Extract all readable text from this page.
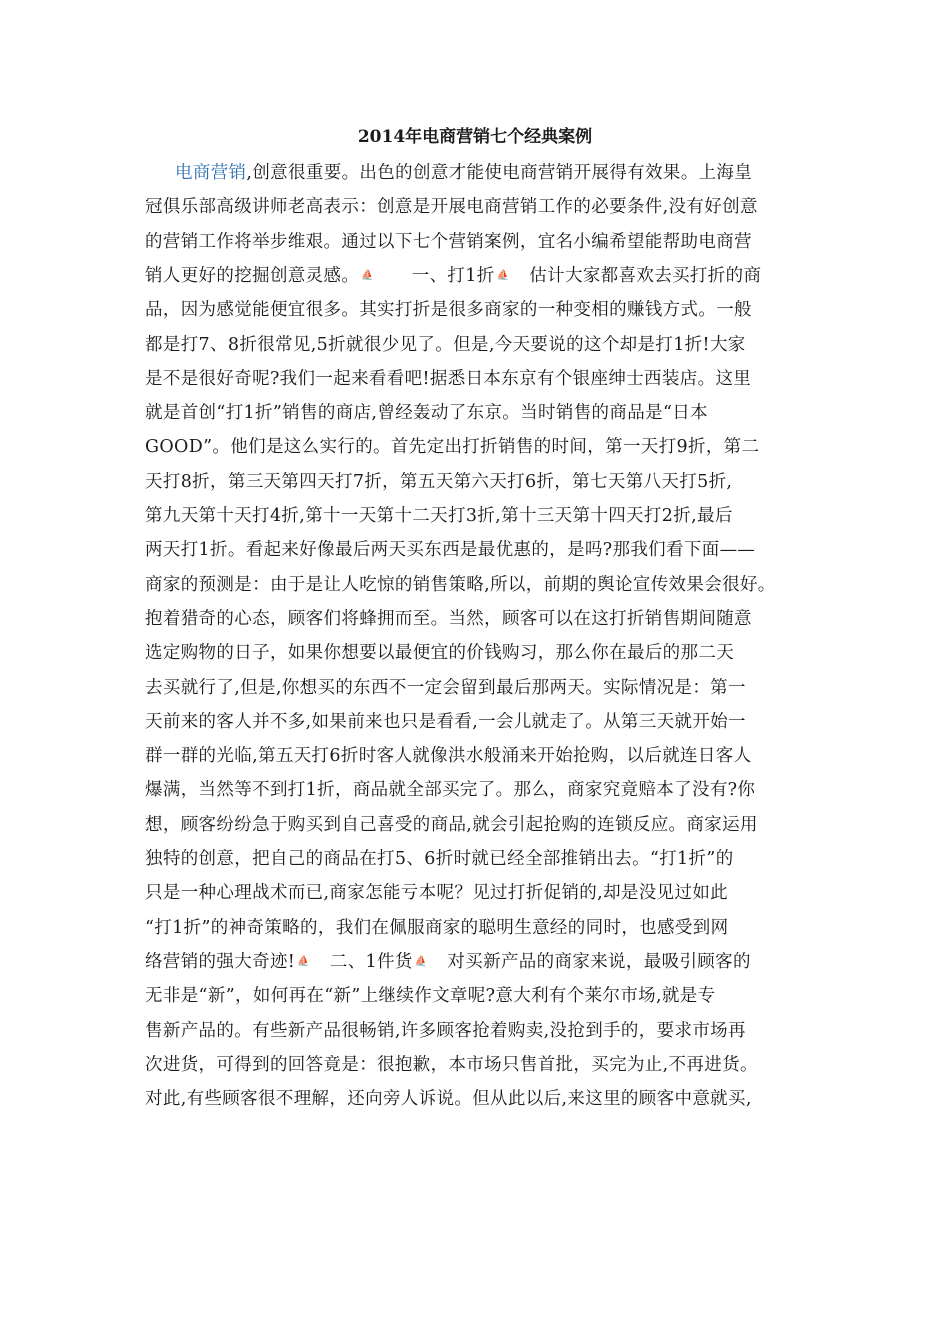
2014年电商营销七个经典案例
电商营销,创意很重要。出色的创意才能使电商营销开展得有效果。上海皇
冠俱乐部高级讲师老高表示：创意是开展电商营销工作的必要条件,没有好创意
的营销工作将举步维艰。通过以下七个营销案例，宜名小编希望能帮助电商营
销人更好的挖掘创意灵感。 ⛵　　一、打1折 ⛵　估计大家都喜欢去买打折的商
品，因为感觉能便宜很多。其实打折是很多商家的一种变相的赚钱方式。一般
都是打7、8折很常见,5折就很少见了。但是,今天要说的这个却是打1折!大家
是不是很好奇呢?我们一起来看看吧!据悉日本东京有个银座绅士西装店。这里
就是首创“打1折”销售的商店,曾经轰动了东京。当时销售的商品是“日本
GOOD”。他们是这么实行的。首先定出打折销售的时间，第一天打9折，第二
天打8折，第三天第四天打7折，第五天第六天打6折，第七天第八天打5折,
第九天第十天打4折,第十一天第十二天打3折,第十三天第十四天打2折,最后
两天打1折。看起来好像最后两天买东西是最优惠的，是吗?那我们看下面——
商家的预测是：由于是让人吃惊的销售策略,所以，前期的舆论宣传效果会很好。
抱着猎奇的心态，顾客们将蜂拥而至。当然，顾客可以在这打折销售期间随意
选定购物的日子，如果你想要以最便宜的价钱购习，那么你在最后的那二天
去买就行了,但是,你想买的东西不一定会留到最后那两天。实际情况是：第一
天前来的客人并不多,如果前来也只是看看,一会儿就走了。从第三天就开始一
群一群的光临,第五天打6折时客人就像洪水般涌来开始抢购，以后就连日客人
爆满，当然等不到打1折，商品就全部买完了。那么，商家究竟赔本了没有?你
想，顾客纷纷急于购买到自己喜受的商品,就会引起抢购的连锁反应。商家运用
独特的创意，把自己的商品在打5、6折时就已经全部推销出去。“打1折”的
只是一种心理战术而已,商家怎能亏本呢？见过打折促销的,却是没见过如此
“打1折”的神奇策略的，我们在佩服商家的聪明生意经的同时，也感受到网
络营销的强大奇迹! ⛵　二、1件货 ⛵　对买新产品的商家来说，最吸引顾客的
无非是“新”，如何再在“新”上继续作文章呢?意大利有个莱尔市场,就是专
售新产品的。有些新产品很畅销,许多顾客抢着购卖,没抢到手的，要求市场再
次进货，可得到的回答竟是：很抱歉，本市场只售首批，买完为止,不再进货。
对此,有些顾客很不理解，还向旁人诉说。但从此以后,来这里的顾客中意就买,
